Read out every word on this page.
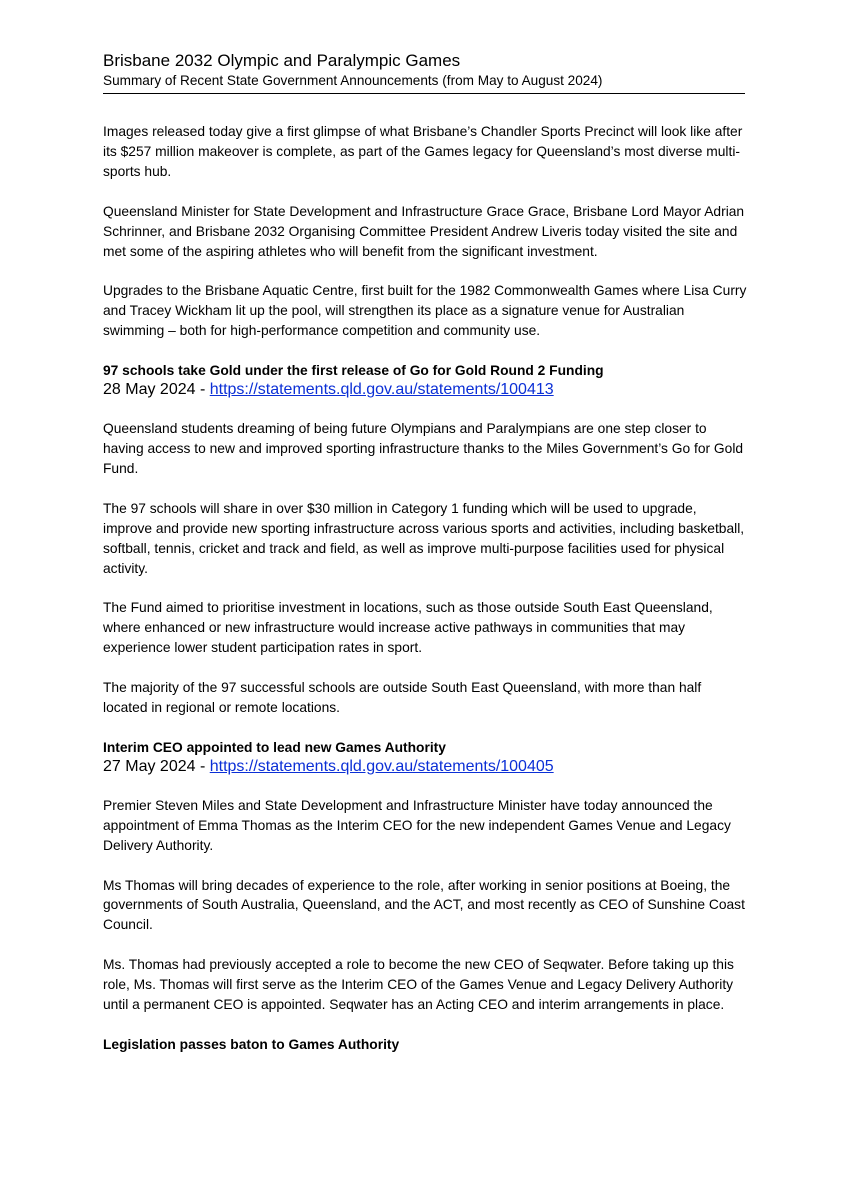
Brisbane 2032 Olympic and Paralympic Games
Summary of Recent State Government Announcements (from May to August 2024)

Images released today give a first glimpse of what Brisbane’s Chandler Sports Precinct will look like after its $257 million makeover is complete, as part of the Games legacy for Queensland’s most diverse multi-sports hub.

Queensland Minister for State Development and Infrastructure Grace Grace, Brisbane Lord Mayor Adrian Schrinner, and Brisbane 2032 Organising Committee President Andrew Liveris today visited the site and met some of the aspiring athletes who will benefit from the significant investment.

Upgrades to the Brisbane Aquatic Centre, first built for the 1982 Commonwealth Games where Lisa Curry and Tracey Wickham lit up the pool, will strengthen its place as a signature venue for Australian swimming – both for high-performance competition and community use.

97 schools take Gold under the first release of Go for Gold Round 2 Funding
28 May 2024 - https://statements.qld.gov.au/statements/100413

Queensland students dreaming of being future Olympians and Paralympians are one step closer to having access to new and improved sporting infrastructure thanks to the Miles Government’s Go for Gold Fund.

The 97 schools will share in over $30 million in Category 1 funding which will be used to upgrade, improve and provide new sporting infrastructure across various sports and activities, including basketball, softball, tennis, cricket and track and field, as well as improve multi-purpose facilities used for physical activity.

The Fund aimed to prioritise investment in locations, such as those outside South East Queensland, where enhanced or new infrastructure would increase active pathways in communities that may experience lower student participation rates in sport.

The majority of the 97 successful schools are outside South East Queensland, with more than half located in regional or remote locations.

Interim CEO appointed to lead new Games Authority
27 May 2024 - https://statements.qld.gov.au/statements/100405

Premier Steven Miles and State Development and Infrastructure Minister have today announced the appointment of Emma Thomas as the Interim CEO for the new independent Games Venue and Legacy Delivery Authority.

Ms Thomas will bring decades of experience to the role, after working in senior positions at Boeing, the governments of South Australia, Queensland, and the ACT, and most recently as CEO of Sunshine Coast Council.

Ms. Thomas had previously accepted a role to become the new CEO of Seqwater. Before taking up this role, Ms. Thomas will first serve as the Interim CEO of the Games Venue and Legacy Delivery Authority until a permanent CEO is appointed. Seqwater has an Acting CEO and interim arrangements in place.

Legislation passes baton to Games Authority
